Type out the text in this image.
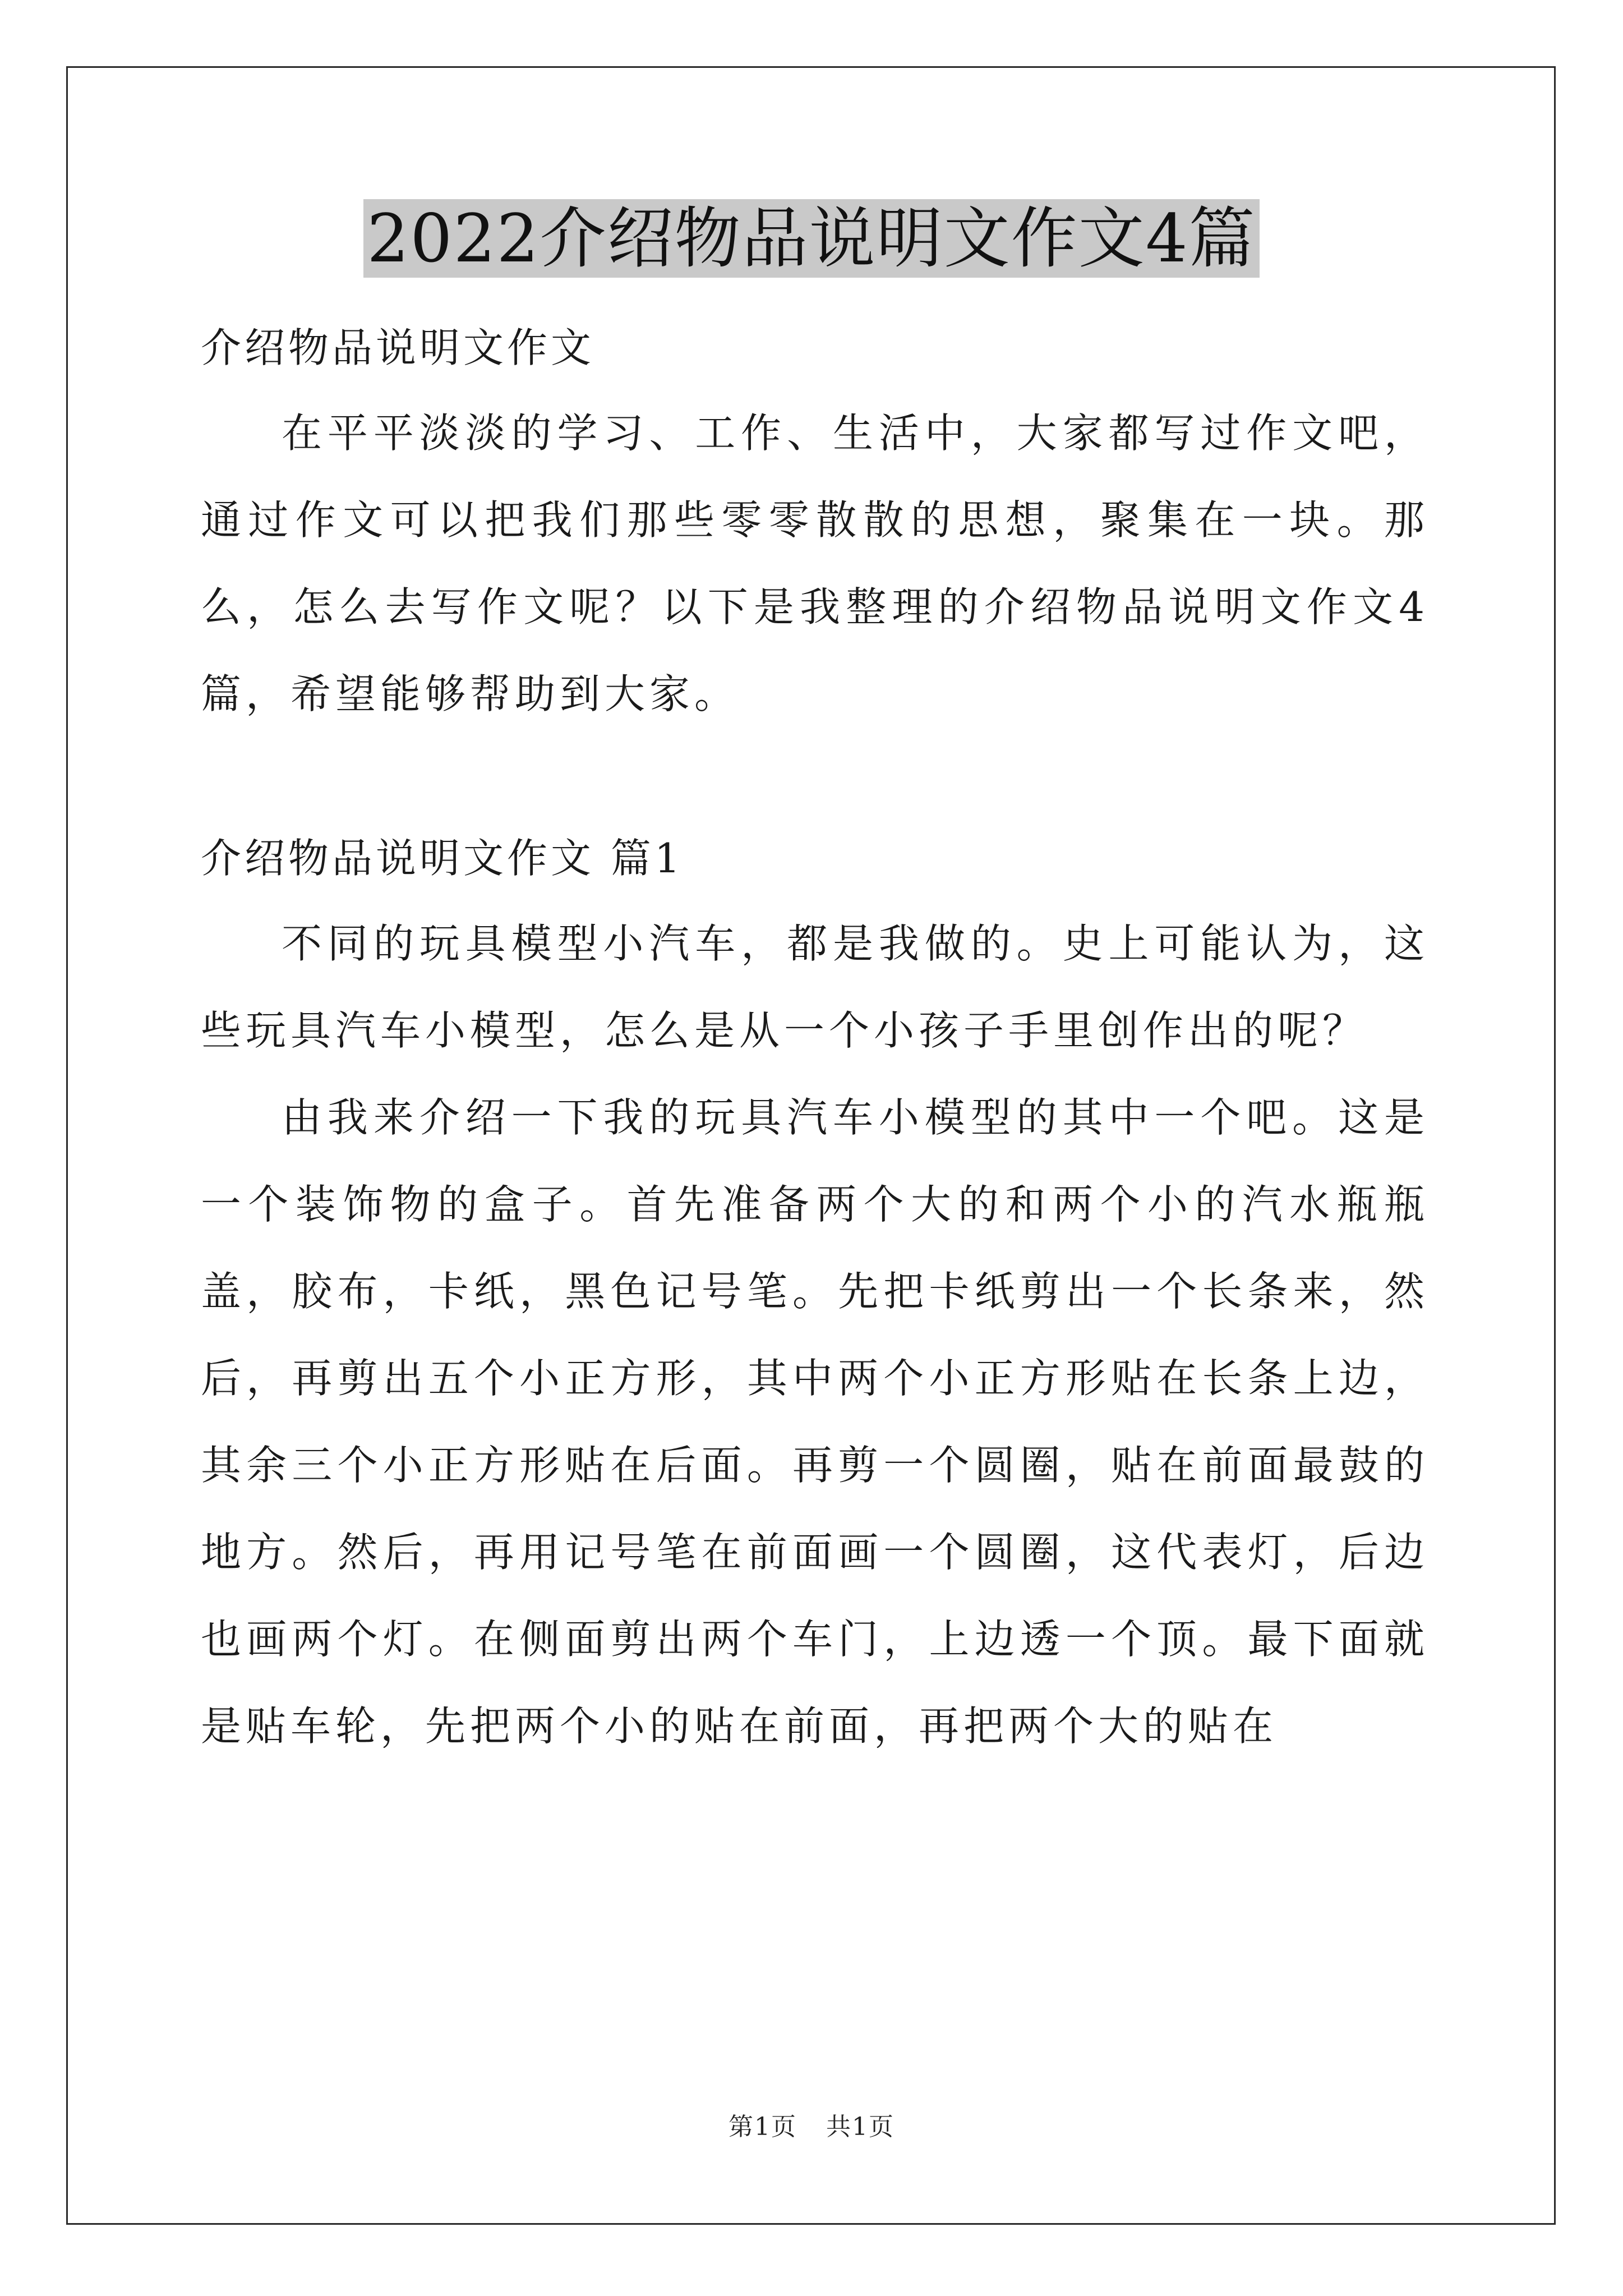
2022介绍物品说明文作文4篇

介绍物品说明文作文

在平平淡淡的学习、工作、生活中，大家都写过作文吧，通过作文可以把我们那些零零散散的思想，聚集在一块。那么，怎么去写作文呢？以下是我整理的介绍物品说明文作文4篇，希望能够帮助到大家。

介绍物品说明文作文 篇1

不同的玩具模型小汽车，都是我做的。史上可能认为，这些玩具汽车小模型，怎么是从一个小孩子手里创作出的呢？

由我来介绍一下我的玩具汽车小模型的其中一个吧。这是一个装饰物的盒子。首先准备两个大的和两个小的汽水瓶瓶盖，胶布，卡纸，黑色记号笔。先把卡纸剪出一个长条来，然后，再剪出五个小正方形，其中两个小正方形贴在长条上边，其余三个小正方形贴在后面。再剪一个圆圈，贴在前面最鼓的地方。然后，再用记号笔在前面画一个圆圈，这代表灯，后边也画两个灯。在侧面剪出两个车门，上边透一个顶。最下面就是贴车轮，先把两个小的贴在前面，再把两个大的贴在

第1页 共1页
